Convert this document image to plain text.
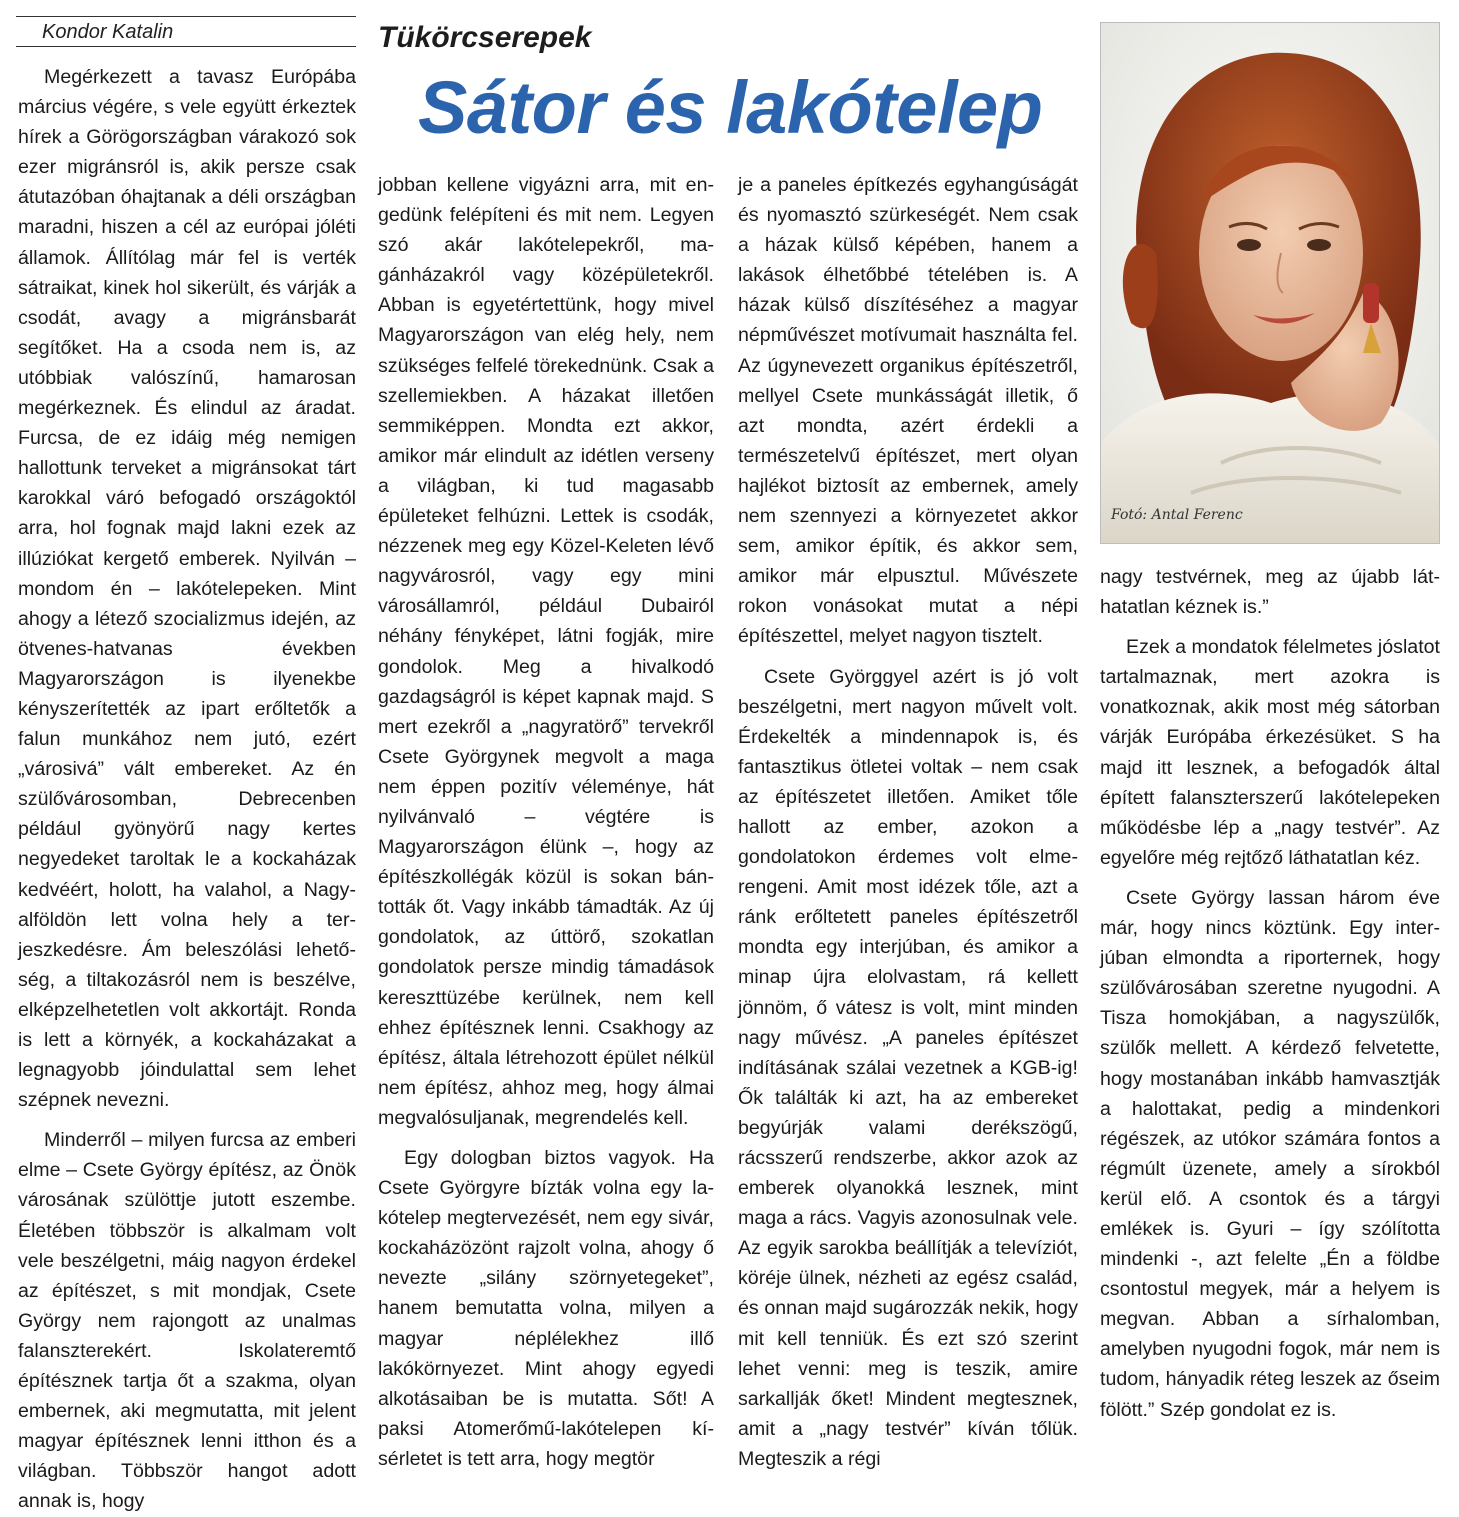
Kondor Katalin	Tükörcserepek
Sátor és lakótelep

Megérkezett a tavasz Európába március végére, s vele együtt érkeztek hírek a Görögországban várakozó sok ezer migránsról is, akik persze csak átutazóban óhajtanak a déli országban maradni, hiszen a cél az európai jóléti államok. Állítólag már fel is verték sátraikat, kinek hol sikerült, és várják a csodát, avagy a migránsbarát segítőket. Ha a csoda nem is, az utóbbiak valószínű, hamarosan megérkeznek. És elindul az áradat. Furcsa, de ez idáig még nemigen hallottunk terveket a migránsokat tárt karokkal váró befogadó országoktól arra, hol fognak majd lakni ezek az illúziókat kergető emberek. Nyilván – mondom én – lakótelepeken. Mint ahogy a létező szocializmus idején, az ötvenes-hatvanas években Magyarországon is ilyenekbe kényszerítették az ipart erőltetők a falun munkához nem jutó, ezért „városivá” vált embereket. Az én szülővárosomban, Debrecenben például gyönyörű nagy kertes negyedeket taroltak le a kockaházak kedvéért, holott, ha valahol, a Nagy-alföldön lett volna hely a terjeszkedésre. Ám beleszólási lehetőség, a tiltakozásról nem is beszélve, elképzelhetetlen volt akkortájt. Ronda is lett a környék, a kockaházakat a legnagyobb jóindulattal sem lehet szépnek nevezni.

Minderről – milyen furcsa az emberi elme – Csete György építész, az Önök városának szülöttje jutott eszembe. Életében többször is alkalmam volt vele beszélgetni, máig nagyon érdekel az építészet, s mit mondjak, Csete György nem rajongott az unalmas falanszterekért. Iskolateremtő építésznek tartja őt a szakma, olyan embernek, aki megmutatta, mit jelent magyar építésznek lenni itthon és a világban. Többször hangot adott annak is, hogy

jobban kellene vigyázni arra, mit engedünk felépíteni és mit nem. Legyen szó akár lakótelepekről, magánházakról vagy középületekről. Abban is egyetértettünk, hogy mivel Magyarországon van elég hely, nem szükséges felfelé törekednünk. Csak a szellemiekben. A házakat illetően semmiképpen. Mondta ezt akkor, amikor már elindult az idétlen verseny a világban, ki tud magasabb épületeket felhúzni. Lettek is csodák, nézzenek meg egy Közel-Keleten lévő nagyvárosról, vagy egy mini városállamról, például Dubairól néhány fényképet, látni fogják, mire gondolok. Meg a hivalkodó gazdagságról is képet kapnak majd. S mert ezekről a „nagyratörő” tervekről Csete Györgynek megvolt a maga nem éppen pozitív véleménye, hát nyilvánvaló – végtére is Magyarországon élünk –, hogy az építészkollégák közül is sokan bántották őt. Vagy inkább támadták. Az új gondolatok, az úttörő, szokatlan gondolatok persze mindig támadások kereszttüzébe kerülnek, nem kell ehhez építésznek lenni. Csakhogy az építész, általa létrehozott épület nélkül nem építész, ahhoz meg, hogy álmai megvalósuljanak, megrendelés kell.

Egy dologban biztos vagyok. Ha Csete Györgyre bízták volna egy lakótelep megtervezését, nem egy sivár, kockaházözönt rajzolt volna, ahogy ő nevezte „silány szörnyetegeket”, hanem bemutatta volna, milyen a magyar néplélekhez illő lakókörnyezet. Mint ahogy egyedi alkotásaiban be is mutatta. Sőt! A paksi Atomerőmű-lakótelepen kísérletet is tett arra, hogy megtör

je a paneles építkezés egyhangúságát és nyomasztó szürkeségét. Nem csak a házak külső képében, hanem a lakások élhetőbbé tételében is. A házak külső díszítéséhez a magyar népművészet motívumait használta fel. Az úgynevezett organikus építészetről, mellyel Csete munkásságát illetik, ő azt mondta, azért érdekli a természetelvű építészet, mert olyan hajlékot biztosít az embernek, amely nem szennyezi a környezetet akkor sem, amikor építik, és akkor sem, amikor már elpusztul. Művészete rokon vonásokat mutat a népi építészettel, melyet nagyon tisztelt.

Csete Györggyel azért is jó volt beszélgetni, mert nagyon művelt volt. Érdekelték a mindennapok is, és fantasztikus ötletei voltak – nem csak az építészetet illetően. Amiket tőle hallott az ember, azokon a gondolatokon érdemes volt elmerengeni. Amit most idézek tőle, azt a ránk erőltetett paneles építészetről mondta egy interjúban, és amikor a minap újra elolvastam, rá kellett jönnöm, ő vátesz is volt, mint minden nagy művész. „A paneles építészet indításának szálai vezetnek a KGB-ig! Ők találták ki azt, ha az embereket begyúrják valami derékszögű, rácsszerű rendszerbe, akkor azok az emberek olyanokká lesznek, mint maga a rács. Vagyis azonosulnak vele. Az egyik sarokba beállítják a televíziót, köréje ülnek, nézheti az egész család, és onnan majd sugározzák nekik, hogy mit kell tenniük. És ezt szó szerint lehet venni: meg is teszik, amire sarkallják őket! Mindent megtesznek, amit a „nagy testvér” kíván tőlük. Megteszik a régi

Fotó: Antal Ferenc

nagy testvérnek, meg az újabb láthatatlan kéznek is.”

Ezek a mondatok félelmetes jóslatot tartalmaznak, mert azokra is vonatkoznak, akik most még sátorban várják Európába érkezésüket. S ha majd itt lesznek, a befogadók által épített falanszterszerű lakótelepeken működésbe lép a „nagy testvér”. Az egyelőre még rejtőző láthatatlan kéz.

Csete György lassan három éve már, hogy nincs köztünk. Egy interjúban elmondta a riporternek, hogy szülővárosában szeretne nyugodni. A Tisza homokjában, a nagyszülők, szülők mellett. A kérdező felvetette, hogy mostanában inkább hamvasztják a halottakat, pedig a mindenkori régészek, az utókor számára fontos a régmúlt üzenete, amely a sírokból kerül elő. A csontok és a tárgyi emlékek is. Gyuri – így szólította mindenki -, azt felelte „Én a földbe csontostul megyek, már a helyem is megvan. Abban a sírhalomban, amelyben nyugodni fogok, már nem is tudom, hányadik réteg leszek az őseim fölött.” Szép gondolat ez is.
